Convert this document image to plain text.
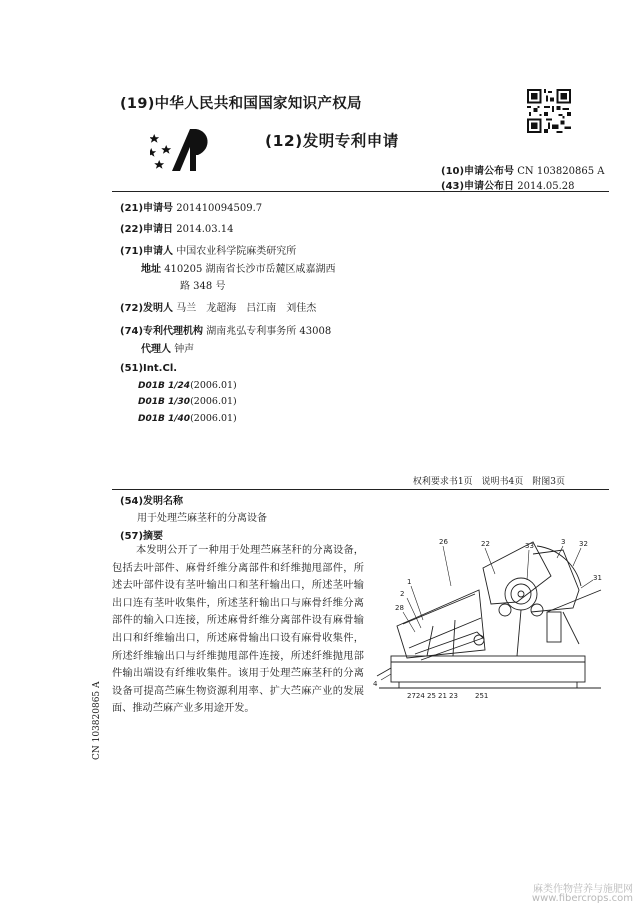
(19)中华人民共和国国家知识产权局
(12)发明专利申请
(10)申请公布号 CN 103820865 A
(43)申请公布日 2014.05.28
(21)申请号 201410094509.7
(22)申请日 2014.03.14
(71)申请人 中国农业科学院麻类研究所
地址 410205 湖南省长沙市岳麓区咸嘉湖西
路 348 号
(72)发明人 马兰　龙超海　吕江南　刘佳杰
(74)专利代理机构 湖南兆弘专利事务所 43008
代理人 钟声
(51)Int.Cl.
D01B 1/24(2006.01)
D01B 1/30(2006.01)
D01B 1/40(2006.01)
权利要求书1页　说明书4页　附图3页
(54)发明名称
用于处理苎麻茎秆的分离设备
(57)摘要
本发明公开了一种用于处理苎麻茎秆的分离设备，包括去叶部件、麻骨纤维分离部件和纤维抛甩部件，所述去叶部件设有茎叶输出口和茎秆输出口，所述茎叶输出口连有茎叶收集件，所述茎秆输出口与麻骨纤维分离部件的输入口连接，所述麻骨纤维分离部件设有麻骨输出口和纤维输出口，所述麻骨输出口设有麻骨收集件，所述纤维输出口与纤维抛甩部件连接，所述纤维抛甩部件输出端设有纤维收集件。该用于处理苎麻茎秆的分离设备可提高苎麻生物资源利用率、扩大苎麻产业的发展面、推动苎麻产业多用途开发。
CN 103820865 A
26	22	33	3 32
1
2
28
31
4
2724 25 21 23 251
麻类作物营养与施肥网
www.fibercrops.com
